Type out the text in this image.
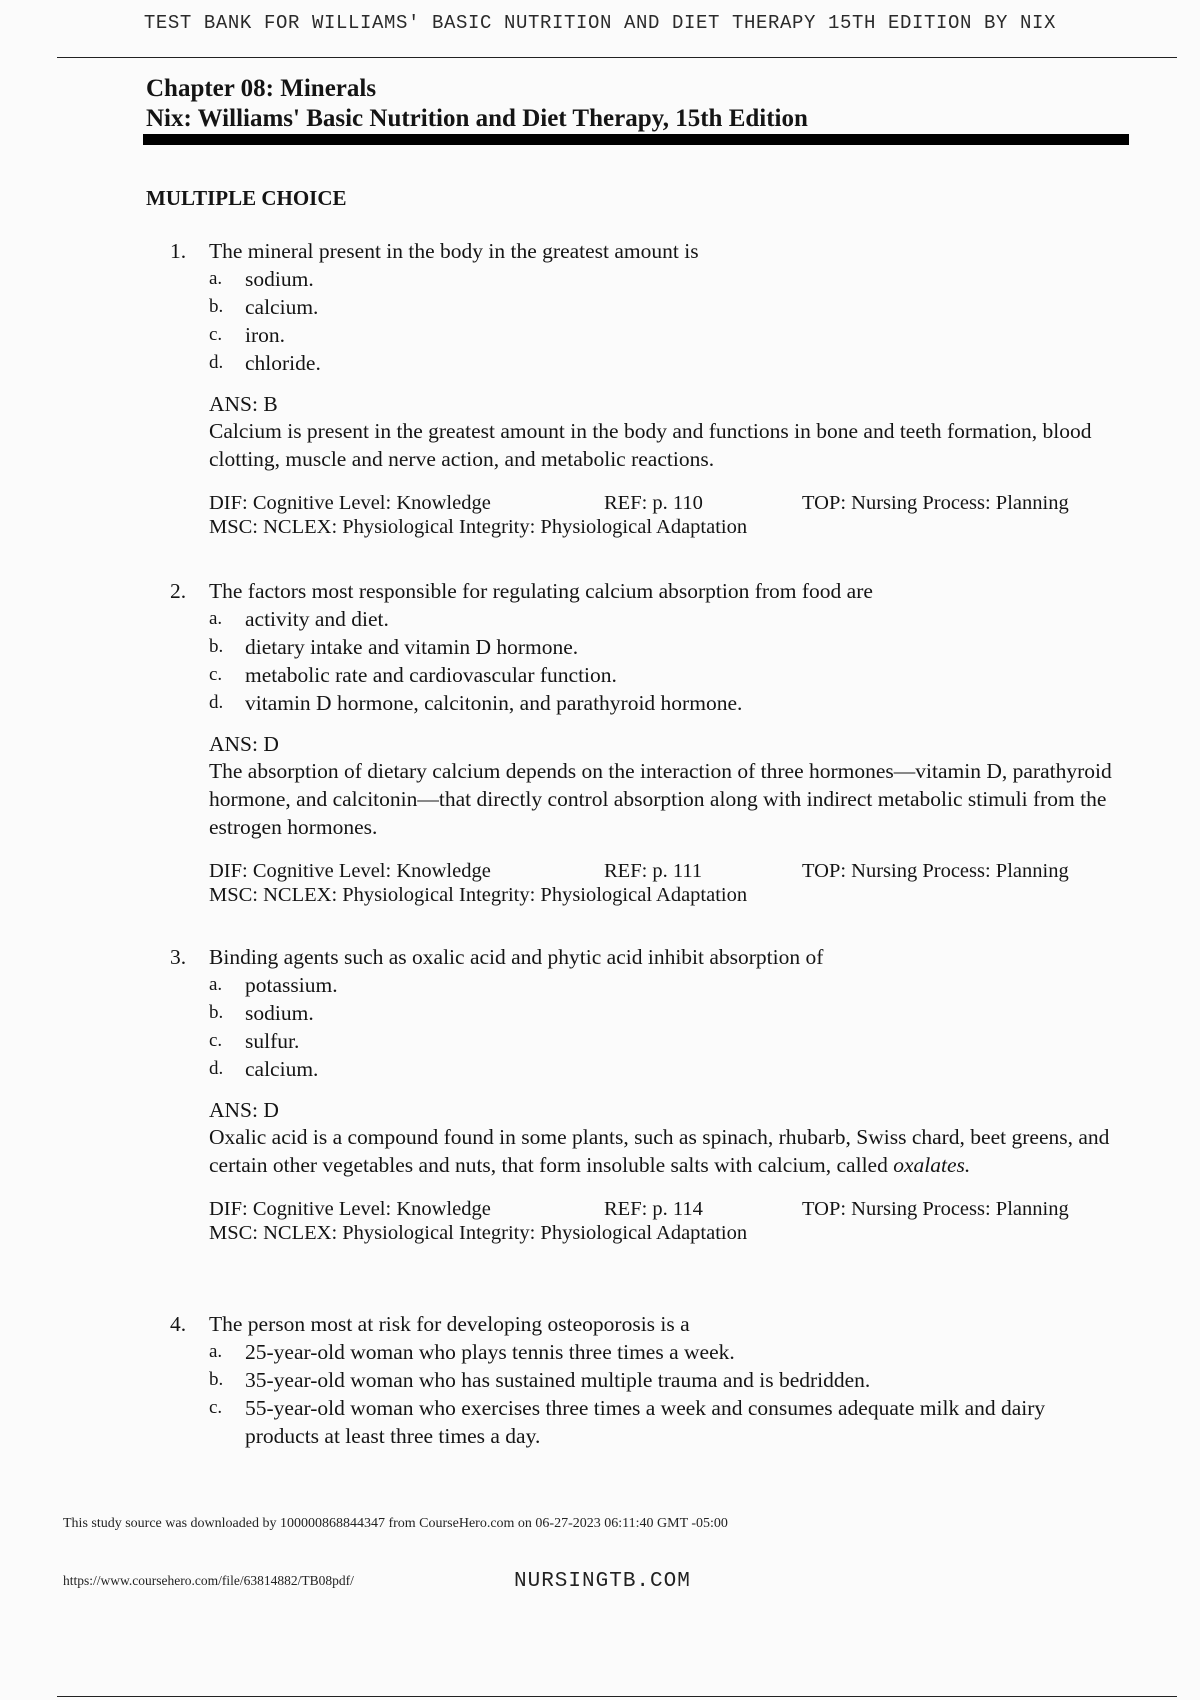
TEST BANK FOR WILLIAMS' BASIC NUTRITION AND DIET THERAPY 15TH EDITION BY NIX
Chapter 08: Minerals
Nix: Williams' Basic Nutrition and Diet Therapy, 15th Edition
MULTIPLE CHOICE
1.	The mineral present in the body in the greatest amount is
a.	sodium.
b.	calcium.
c.	iron.
d.	chloride.
ANS: B
Calcium is present in the greatest amount in the body and functions in bone and teeth formation, blood clotting, muscle and nerve action, and metabolic reactions.
DIF: Cognitive Level: Knowledge	REF: p. 110	TOP: Nursing Process: Planning
MSC: NCLEX: Physiological Integrity: Physiological Adaptation
2.	The factors most responsible for regulating calcium absorption from food are
a.	activity and diet.
b.	dietary intake and vitamin D hormone.
c.	metabolic rate and cardiovascular function.
d.	vitamin D hormone, calcitonin, and parathyroid hormone.
ANS: D
The absorption of dietary calcium depends on the interaction of three hormones—vitamin D, parathyroid hormone, and calcitonin—that directly control absorption along with indirect metabolic stimuli from the estrogen hormones.
DIF: Cognitive Level: Knowledge	REF: p. 111	TOP: Nursing Process: Planning
MSC: NCLEX: Physiological Integrity: Physiological Adaptation
3.	Binding agents such as oxalic acid and phytic acid inhibit absorption of
a.	potassium.
b.	sodium.
c.	sulfur.
d.	calcium.
ANS: D
Oxalic acid is a compound found in some plants, such as spinach, rhubarb, Swiss chard, beet greens, and certain other vegetables and nuts, that form insoluble salts with calcium, called oxalates.
DIF: Cognitive Level: Knowledge	REF: p. 114	TOP: Nursing Process: Planning
MSC: NCLEX: Physiological Integrity: Physiological Adaptation
4.	The person most at risk for developing osteoporosis is a
a.	25-year-old woman who plays tennis three times a week.
b.	35-year-old woman who has sustained multiple trauma and is bedridden.
c.	55-year-old woman who exercises three times a week and consumes adequate milk and dairy products at least three times a day.
This study source was downloaded by 100000868844347 from CourseHero.com on 06-27-2023 06:11:40 GMT -05:00
https://www.coursehero.com/file/63814882/TB08pdf/	NURSINGTB.COM
